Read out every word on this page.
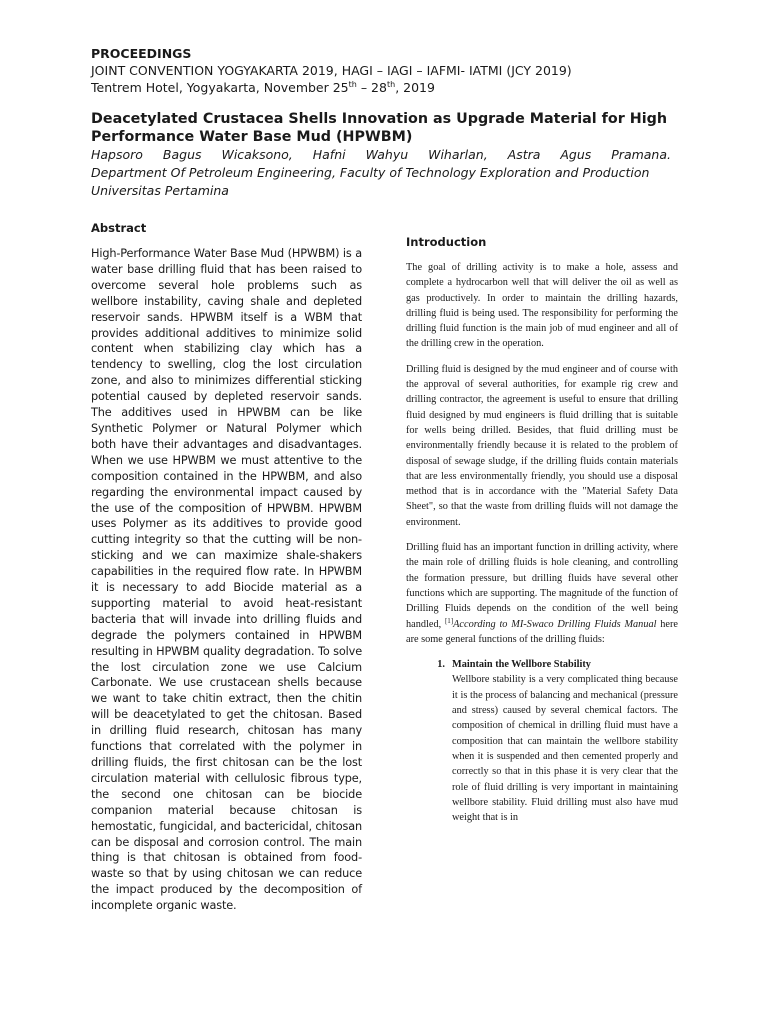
PROCEEDINGS
JOINT CONVENTION YOGYAKARTA 2019, HAGI – IAGI – IAFMI- IATMI (JCY 2019)
Tentrem Hotel, Yogyakarta, November 25th – 28th, 2019
Deacetylated Crustacea Shells Innovation as Upgrade Material for High Performance Water Base Mud (HPWBM)

Hapsoro Bagus Wicaksono, Hafni Wahyu Wiharlan, Astra Agus Pramana.

Department Of Petroleum Engineering, Faculty of Technology Exploration and Production Universitas Pertamina

Abstract

High-Performance Water Base Mud (HPWBM) is a water base drilling fluid that has been raised to overcome several hole problems such as wellbore instability, caving shale and depleted reservoir sands. HPWBM itself is a WBM that provides additional additives to minimize solid content when stabilizing clay which has a tendency to swelling, clog the lost circulation zone, and also to minimizes differential sticking potential caused by depleted reservoir sands. The additives used in HPWBM can be like Synthetic Polymer or Natural Polymer which both have their advantages and disadvantages. When we use HPWBM we must attentive to the composition contained in the HPWBM, and also regarding the environmental impact caused by the use of the composition of HPWBM. HPWBM uses Polymer as its additives to provide good cutting integrity so that the cutting will be non-sticking and we can maximize shale-shakers capabilities in the required flow rate. In HPWBM it is necessary to add Biocide material as a supporting material to avoid heat-resistant bacteria that will invade into drilling fluids and degrade the polymers contained in HPWBM resulting in HPWBM quality degradation. To solve the lost circulation zone we use Calcium Carbonate. We use crustacean shells because we want to take chitin extract, then the chitin will be deacetylated to get the chitosan. Based in drilling fluid research, chitosan has many functions that correlated with the polymer in drilling fluids, the first chitosan can be the lost circulation material with cellulosic fibrous type, the second one chitosan can be biocide companion material because chitosan is hemostatic, fungicidal, and bactericidal, chitosan can be disposal and corrosion control. The main thing is that chitosan is obtained from food-waste so that by using chitosan we can reduce the impact produced by the decomposition of incomplete organic waste.

Introduction

The goal of drilling activity is to make a hole, assess and complete a hydrocarbon well that will deliver the oil as well as gas productively. In order to maintain the drilling hazards, drilling fluid is being used. The responsibility for performing the drilling fluid function is the main job of mud engineer and all of the drilling crew in the operation.

Drilling fluid is designed by the mud engineer and of course with the approval of several authorities, for example rig crew and drilling contractor, the agreement is useful to ensure that drilling fluid designed by mud engineers is fluid drilling that is suitable for wells being drilled. Besides, that fluid drilling must be environmentally friendly because it is related to the problem of disposal of sewage sludge, if the drilling fluids contain materials that are less environmentally friendly, you should use a disposal method that is in accordance with the "Material Safety Data Sheet", so that the waste from drilling fluids will not damage the environment.

Drilling fluid has an important function in drilling activity, where the main role of drilling fluids is hole cleaning, and controlling the formation pressure, but drilling fluids have several other functions which are supporting. The magnitude of the function of Drilling Fluids depends on the condition of the well being handled, [1]According to MI-Swaco Drilling Fluids Manual here are some general functions of the drilling fluids:

1. Maintain the Wellbore Stability

Wellbore stability is a very complicated thing because it is the process of balancing and mechanical (pressure and stress) caused by several chemical factors. The composition of chemical in drilling fluid must have a composition that can maintain the wellbore stability when it is suspended and then cemented properly and correctly so that in this phase it is very clear that the role of fluid drilling is very important in maintaining wellbore stability. Fluid drilling must also have mud weight that is in
